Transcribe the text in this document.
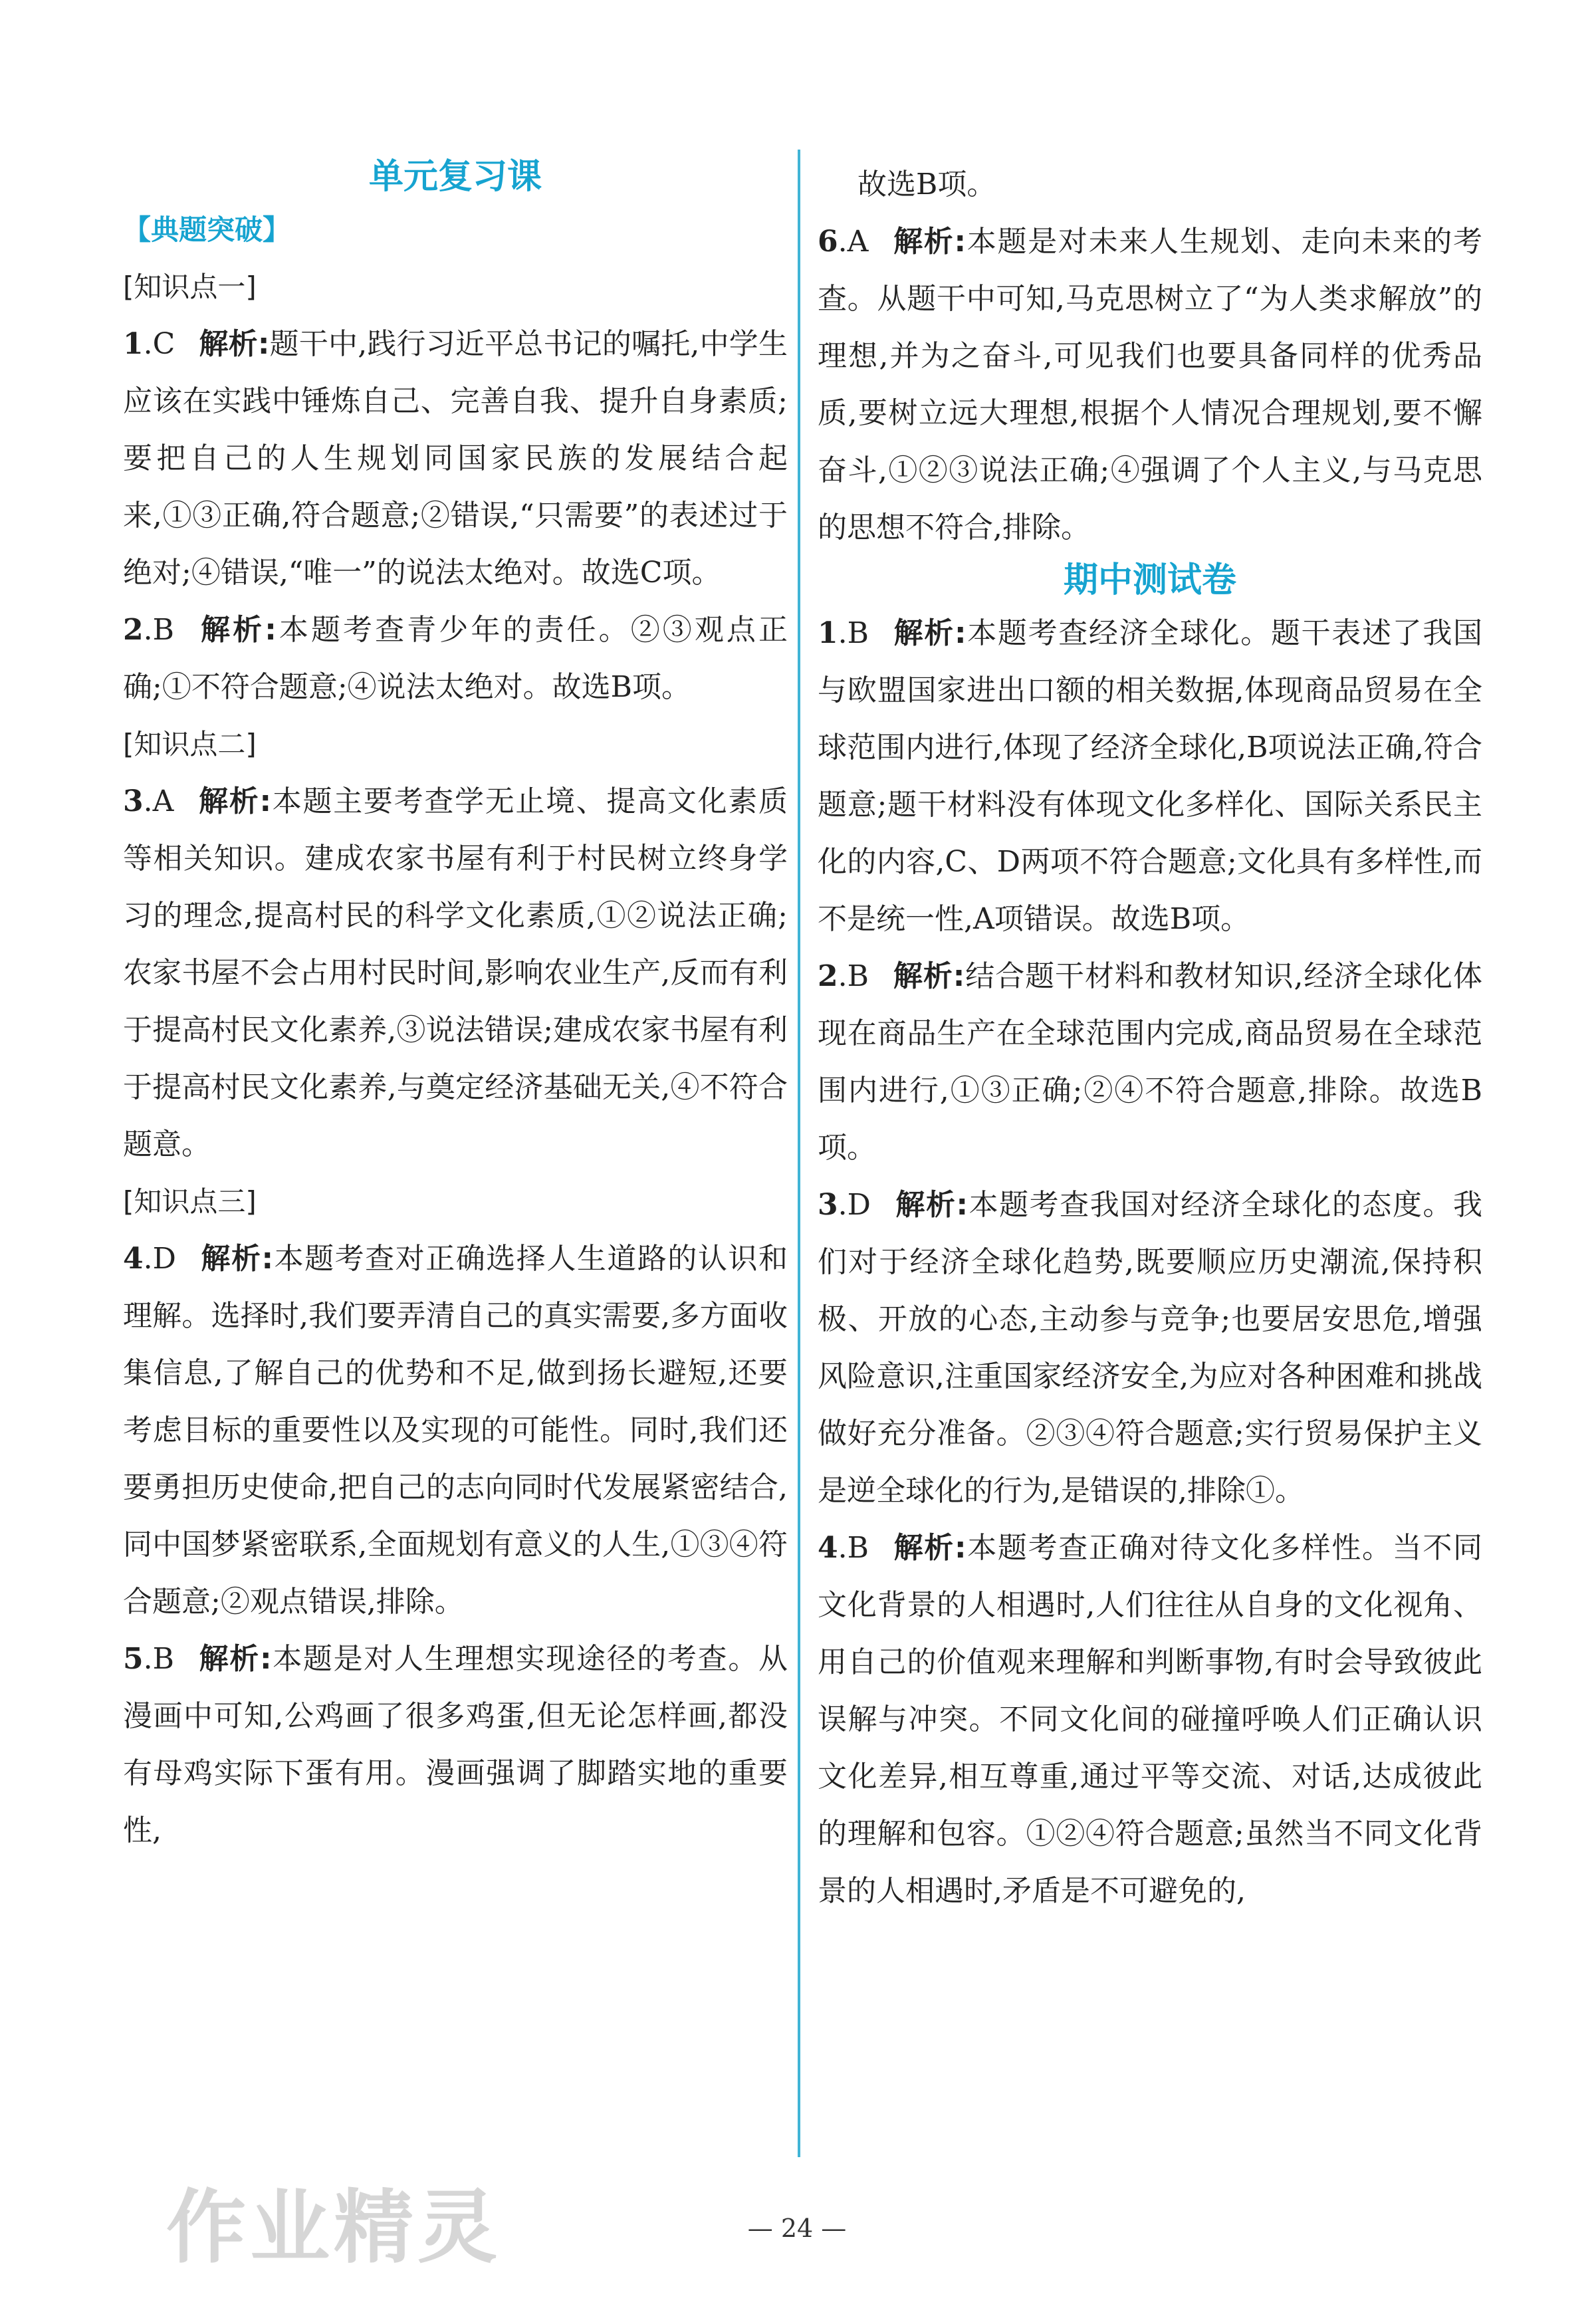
单元复习课
【典题突破】
[知识点一]

1.C 解析:题干中,践行习近平总书记的嘱托,中学生应该在实践中锤炼自己、完善自我、提升自身素质;要把自己的人生规划同国家民族的发展结合起来,①③正确,符合题意;②错误,“只需要”的表述过于绝对;④错误,“唯一”的说法太绝对。故选C项。

2.B 解析:本题考查青少年的责任。②③观点正确;①不符合题意;④说法太绝对。故选B项。

[知识点二]

3.A 解析:本题主要考查学无止境、提高文化素质等相关知识。建成农家书屋有利于村民树立终身学习的理念,提高村民的科学文化素质,①②说法正确;农家书屋不会占用村民时间,影响农业生产,反而有利于提高村民文化素养,③说法错误;建成农家书屋有利于提高村民文化素养,与奠定经济基础无关,④不符合题意。

[知识点三]

4.D 解析:本题考查对正确选择人生道路的认识和理解。选择时,我们要弄清自己的真实需要,多方面收集信息,了解自己的优势和不足,做到扬长避短,还要考虑目标的重要性以及实现的可能性。同时,我们还要勇担历史使命,把自己的志向同时代发展紧密结合,同中国梦紧密联系,全面规划有意义的人生,①③④符合题意;②观点错误,排除。

5.B 解析:本题是对人生理想实现途径的考查。从漫画中可知,公鸡画了很多鸡蛋,但无论怎样画,都没有母鸡实际下蛋有用。漫画强调了脚踏实地的重要性,

故选B项。

6.A 解析:本题是对未来人生规划、走向未来的考查。从题干中可知,马克思树立了“为人类求解放”的理想,并为之奋斗,可见我们也要具备同样的优秀品质,要树立远大理想,根据个人情况合理规划,要不懈奋斗,①②③说法正确;④强调了个人主义,与马克思的思想不符合,排除。

期中测试卷

1.B 解析:本题考查经济全球化。题干表述了我国与欧盟国家进出口额的相关数据,体现商品贸易在全球范围内进行,体现了经济全球化,B项说法正确,符合题意;题干材料没有体现文化多样化、国际关系民主化的内容,C、D两项不符合题意;文化具有多样性,而不是统一性,A项错误。故选B项。

2.B 解析:结合题干材料和教材知识,经济全球化体现在商品生产在全球范围内完成,商品贸易在全球范围内进行,①③正确;②④不符合题意,排除。故选B项。

3.D 解析:本题考查我国对经济全球化的态度。我们对于经济全球化趋势,既要顺应历史潮流,保持积极、开放的心态,主动参与竞争;也要居安思危,增强风险意识,注重国家经济安全,为应对各种困难和挑战做好充分准备。②③④符合题意;实行贸易保护主义是逆全球化的行为,是错误的,排除①。

4.B 解析:本题考查正确对待文化多样性。当不同文化背景的人相遇时,人们往往从自身的文化视角、用自己的价值观来理解和判断事物,有时会导致彼此误解与冲突。不同文化间的碰撞呼唤人们正确认识文化差异,相互尊重,通过平等交流、对话,达成彼此的理解和包容。①②④符合题意;虽然当不同文化背景的人相遇时,矛盾是不可避免的,

作业精灵	— 24 —
